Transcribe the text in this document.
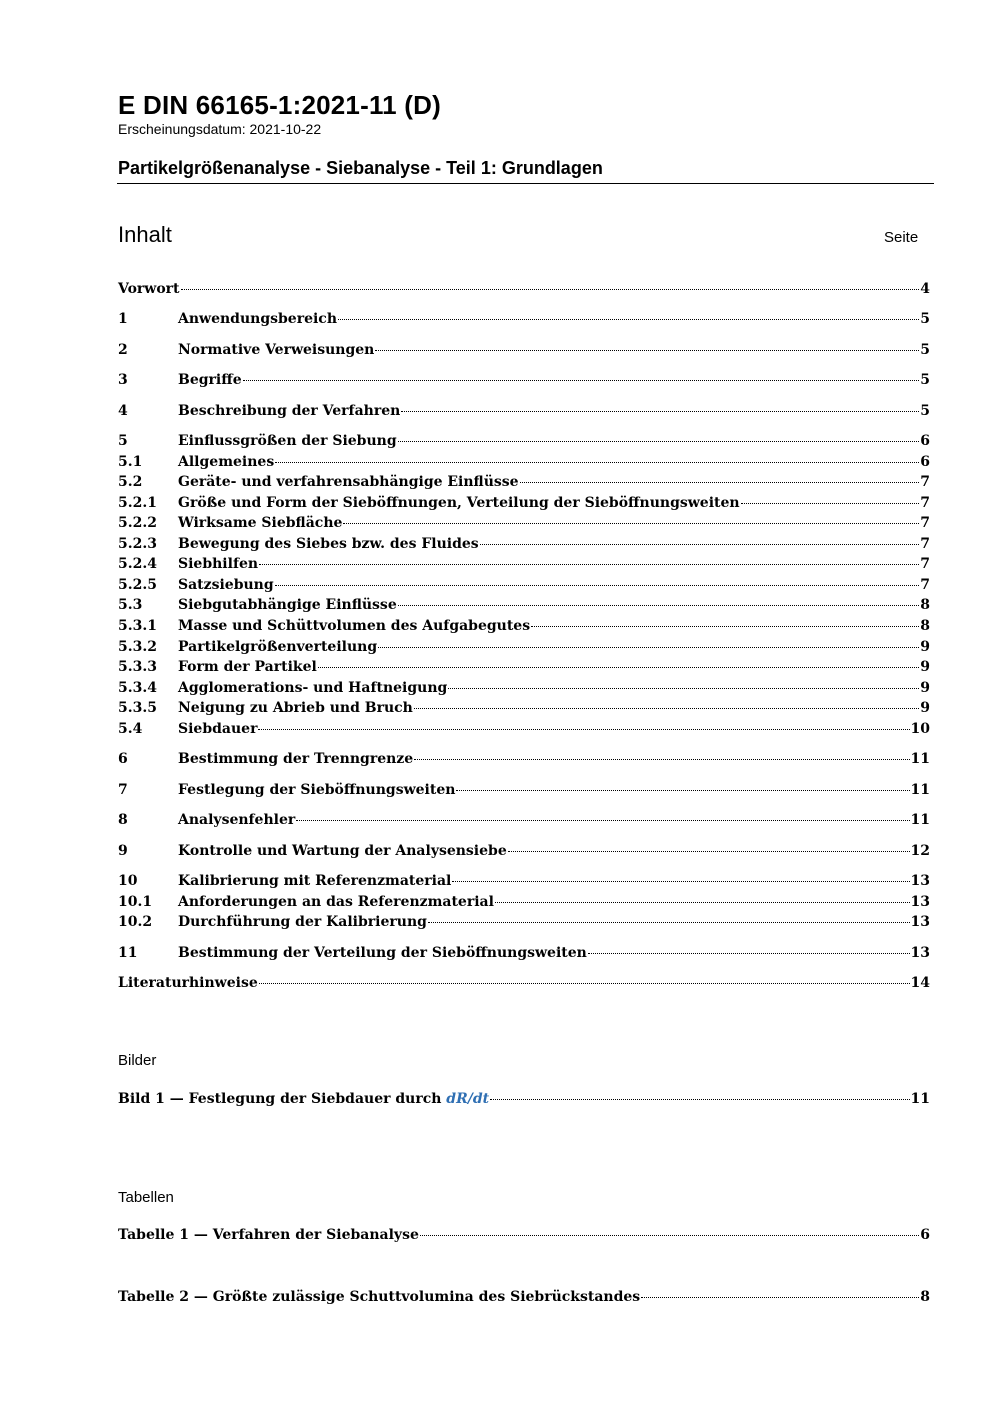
E DIN 66165-1:2021-11 (D)
Erscheinungsdatum: 2021-10-22
Partikelgrößenanalyse - Siebanalyse - Teil 1: Grundlagen
Inhalt	Seite
Vorwort	4
1	Anwendungsbereich	5
2	Normative Verweisungen	5
3	Begriffe	5
4	Beschreibung der Verfahren	5
5	Einflussgrößen der Siebung	6
5.1	Allgemeines	6
5.2	Geräte- und verfahrensabhängige Einflüsse	7
5.2.1	Größe und Form der Sieböffnungen, Verteilung der Sieböffnungsweiten	7
5.2.2	Wirksame Siebfläche	7
5.2.3	Bewegung des Siebes bzw. des Fluides	7
5.2.4	Siebhilfen	7
5.2.5	Satzsiebung	7
5.3	Siebgutabhängige Einflüsse	8
5.3.1	Masse und Schüttvolumen des Aufgabegutes	8
5.3.2	Partikelgrößenverteilung	9
5.3.3	Form der Partikel	9
5.3.4	Agglomerations- und Haftneigung	9
5.3.5	Neigung zu Abrieb und Bruch	9
5.4	Siebdauer	10
6	Bestimmung der Trenngrenze	11
7	Festlegung der Sieböffnungsweiten	11
8	Analysenfehler	11
9	Kontrolle und Wartung der Analysensiebe	12
10	Kalibrierung mit Referenzmaterial	13
10.1	Anforderungen an das Referenzmaterial	13
10.2	Durchführung der Kalibrierung	13
11	Bestimmung der Verteilung der Sieböffnungsweiten	13
Literaturhinweise	14
Bilder
Bild 1 — Festlegung der Siebdauer durch dR/dt	11
Tabellen
Tabelle 1 — Verfahren der Siebanalyse	6
Tabelle 2 — Größte zulässige Schuttvolumina des Siebrückstandes	8
